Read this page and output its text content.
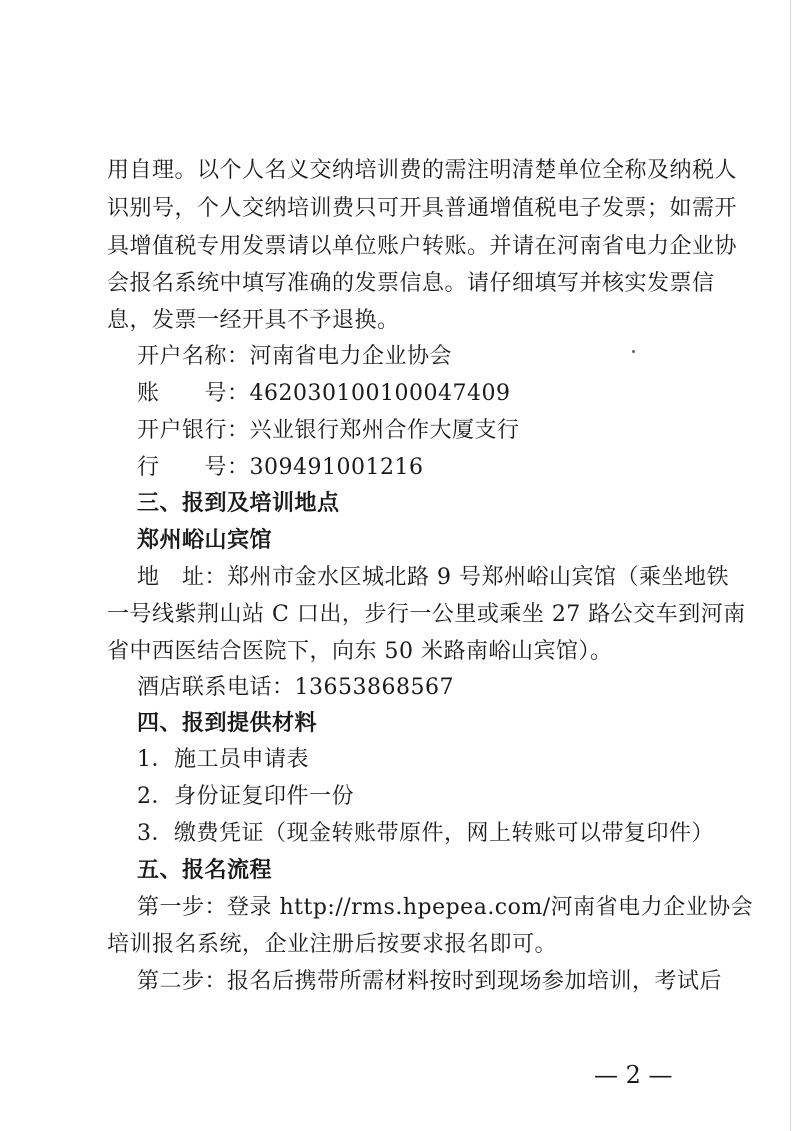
用自理。以个人名义交纳培训费的需注明清楚单位全称及纳税人
识别号，个人交纳培训费只可开具普通增值税电子发票；如需开
具增值税专用发票请以单位账户转账。并请在河南省电力企业协
会报名系统中填写准确的发票信息。请仔细填写并核实发票信
息，发票一经开具不予退换。
开户名称：河南省电力企业协会
账　　号：462030100100047409
开户银行：兴业银行郑州合作大厦支行
行　　号：309491001216
三、报到及培训地点
郑州峪山宾馆
地　址：郑州市金水区城北路 9 号郑州峪山宾馆（乘坐地铁
一号线紫荆山站 C 口出，步行一公里或乘坐 27 路公交车到河南
省中西医结合医院下，向东 50 米路南峪山宾馆）。
酒店联系电话：13653868567
四、报到提供材料
1．施工员申请表
2．身份证复印件一份
3．缴费凭证（现金转账带原件，网上转账可以带复印件）
五、报名流程
第一步：登录 http://rms.hpepea.com/河南省电力企业协会
培训报名系统，企业注册后按要求报名即可。
第二步：报名后携带所需材料按时到现场参加培训，考试后
— 2 —
